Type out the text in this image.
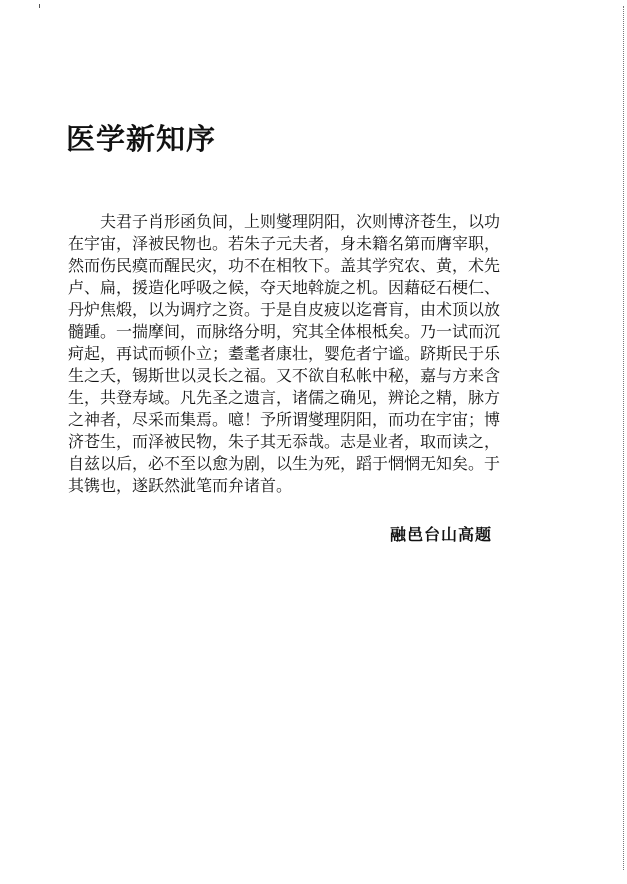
医学新知序
　　夫君子肖形函负间，上则燮理阴阳，次则博济苍生，以功
在宇宙，泽被民物也。若朱子元夫者，身未籍名第而膺宰职，
然而伤民瘼而醒民灾，功不在相牧下。盖其学究农、黄，术先
卢、扁，援造化呼吸之候，夺天地斡旋之机。因藉砭石梗仁、
丹炉焦煅，以为调疗之资。于是自皮疲以迄膏肓，由术顶以放
髓踵。一揣摩间，而脉络分明，究其全体根柢矣。乃一试而沉
疴起，再试而顿仆立；耋耄者康壮，婴危者宁谧。跻斯民于乐
生之夭，锡斯世以灵长之福。又不欲自私帐中秘，嘉与方来含
生，共登寿域。凡先圣之遗言，诸儒之确见，辨论之精，脉方
之神者，尽采而集焉。噫！予所谓燮理阴阳，而功在宇宙；博
济苍生，而泽被民物，朱子其无忝哉。志是业者，取而读之，
自兹以后，必不至以愈为剧，以生为死，蹈于惘惘无知矣。于
其镌也，遂跃然泚笔而弁诸首。
融邑台山高题
